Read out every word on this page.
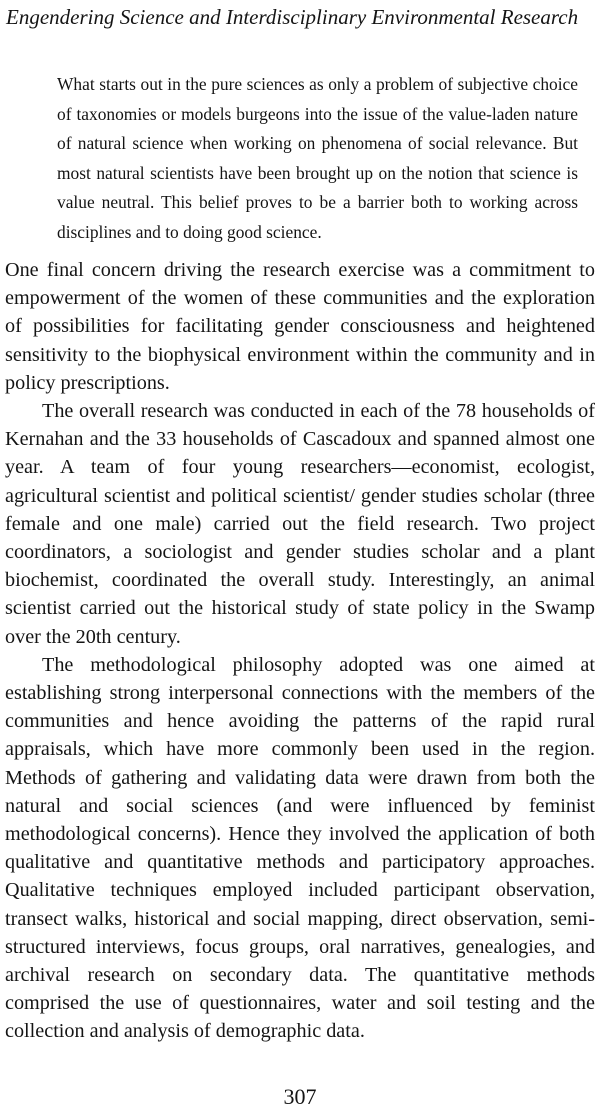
Engendering Science and Interdisciplinary Environmental Research
What starts out in the pure sciences as only a problem of subjective choice of taxonomies or models burgeons into the issue of the value-laden nature of natural science when working on phenomena of social relevance. But most natural scientists have been brought up on the notion that science is value neutral. This belief proves to be a barrier both to working across disciplines and to doing good science.

One final concern driving the research exercise was a commitment to empowerment of the women of these communities and the exploration of possibilities for facilitating gender consciousness and heightened sensitivity to the biophysical environment within the community and in policy prescriptions.

The overall research was conducted in each of the 78 households of Kernahan and the 33 households of Cascadoux and spanned almost one year. A team of four young researchers—economist, ecologist, agricultural scientist and political scientist/ gender studies scholar (three female and one male) carried out the field research. Two project coordinators, a sociologist and gender studies scholar and a plant biochemist, coordinated the overall study. Interestingly, an animal scientist carried out the historical study of state policy in the Swamp over the 20th century.

The methodological philosophy adopted was one aimed at establishing strong interpersonal connections with the members of the communities and hence avoiding the patterns of the rapid rural appraisals, which have more commonly been used in the region. Methods of gathering and validating data were drawn from both the natural and social sciences (and were influenced by feminist methodological concerns). Hence they involved the application of both qualitative and quantitative methods and participatory approaches. Qualitative techniques employed included participant observation, transect walks, historical and social mapping, direct observation, semi-structured interviews, focus groups, oral narratives, genealogies, and archival research on secondary data. The quantitative methods comprised the use of questionnaires, water and soil testing and the collection and analysis of demographic data.

307
